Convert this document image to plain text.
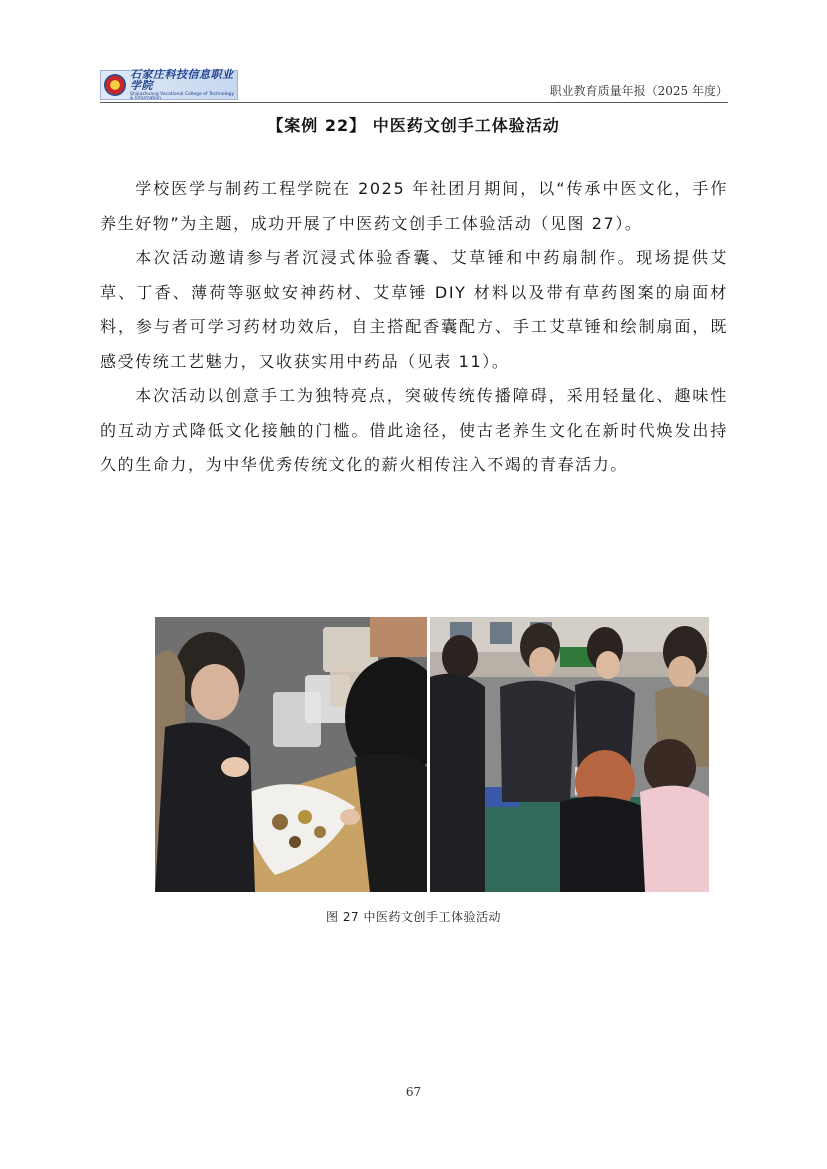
石家庄科技信息职业学院
Shijiazhuang Vocational College of Technology & Information
职业教育质量年报（2025 年度）
【案例 22】 中医药文创手工体验活动

学校医学与制药工程学院在 2025 年社团月期间，以“传承中医文化，手作养生好物”为主题，成功开展了中医药文创手工体验活动（见图 27）。

本次活动邀请参与者沉浸式体验香囊、艾草锤和中药扇制作。现场提供艾草、丁香、薄荷等驱蚊安神药材、艾草锤 DIY 材料以及带有草药图案的扇面材料，参与者可学习药材功效后，自主搭配香囊配方、手工艾草锤和绘制扇面，既感受传统工艺魅力，又收获实用中药品（见表 11）。

本次活动以创意手工为独特亮点，突破传统传播障碍，采用轻量化、趣味性的互动方式降低文化接触的门槛。借此途径，使古老养生文化在新时代焕发出持久的生命力，为中华优秀传统文化的薪火相传注入不竭的青春活力。

图 27 中医药文创手工体验活动
67
